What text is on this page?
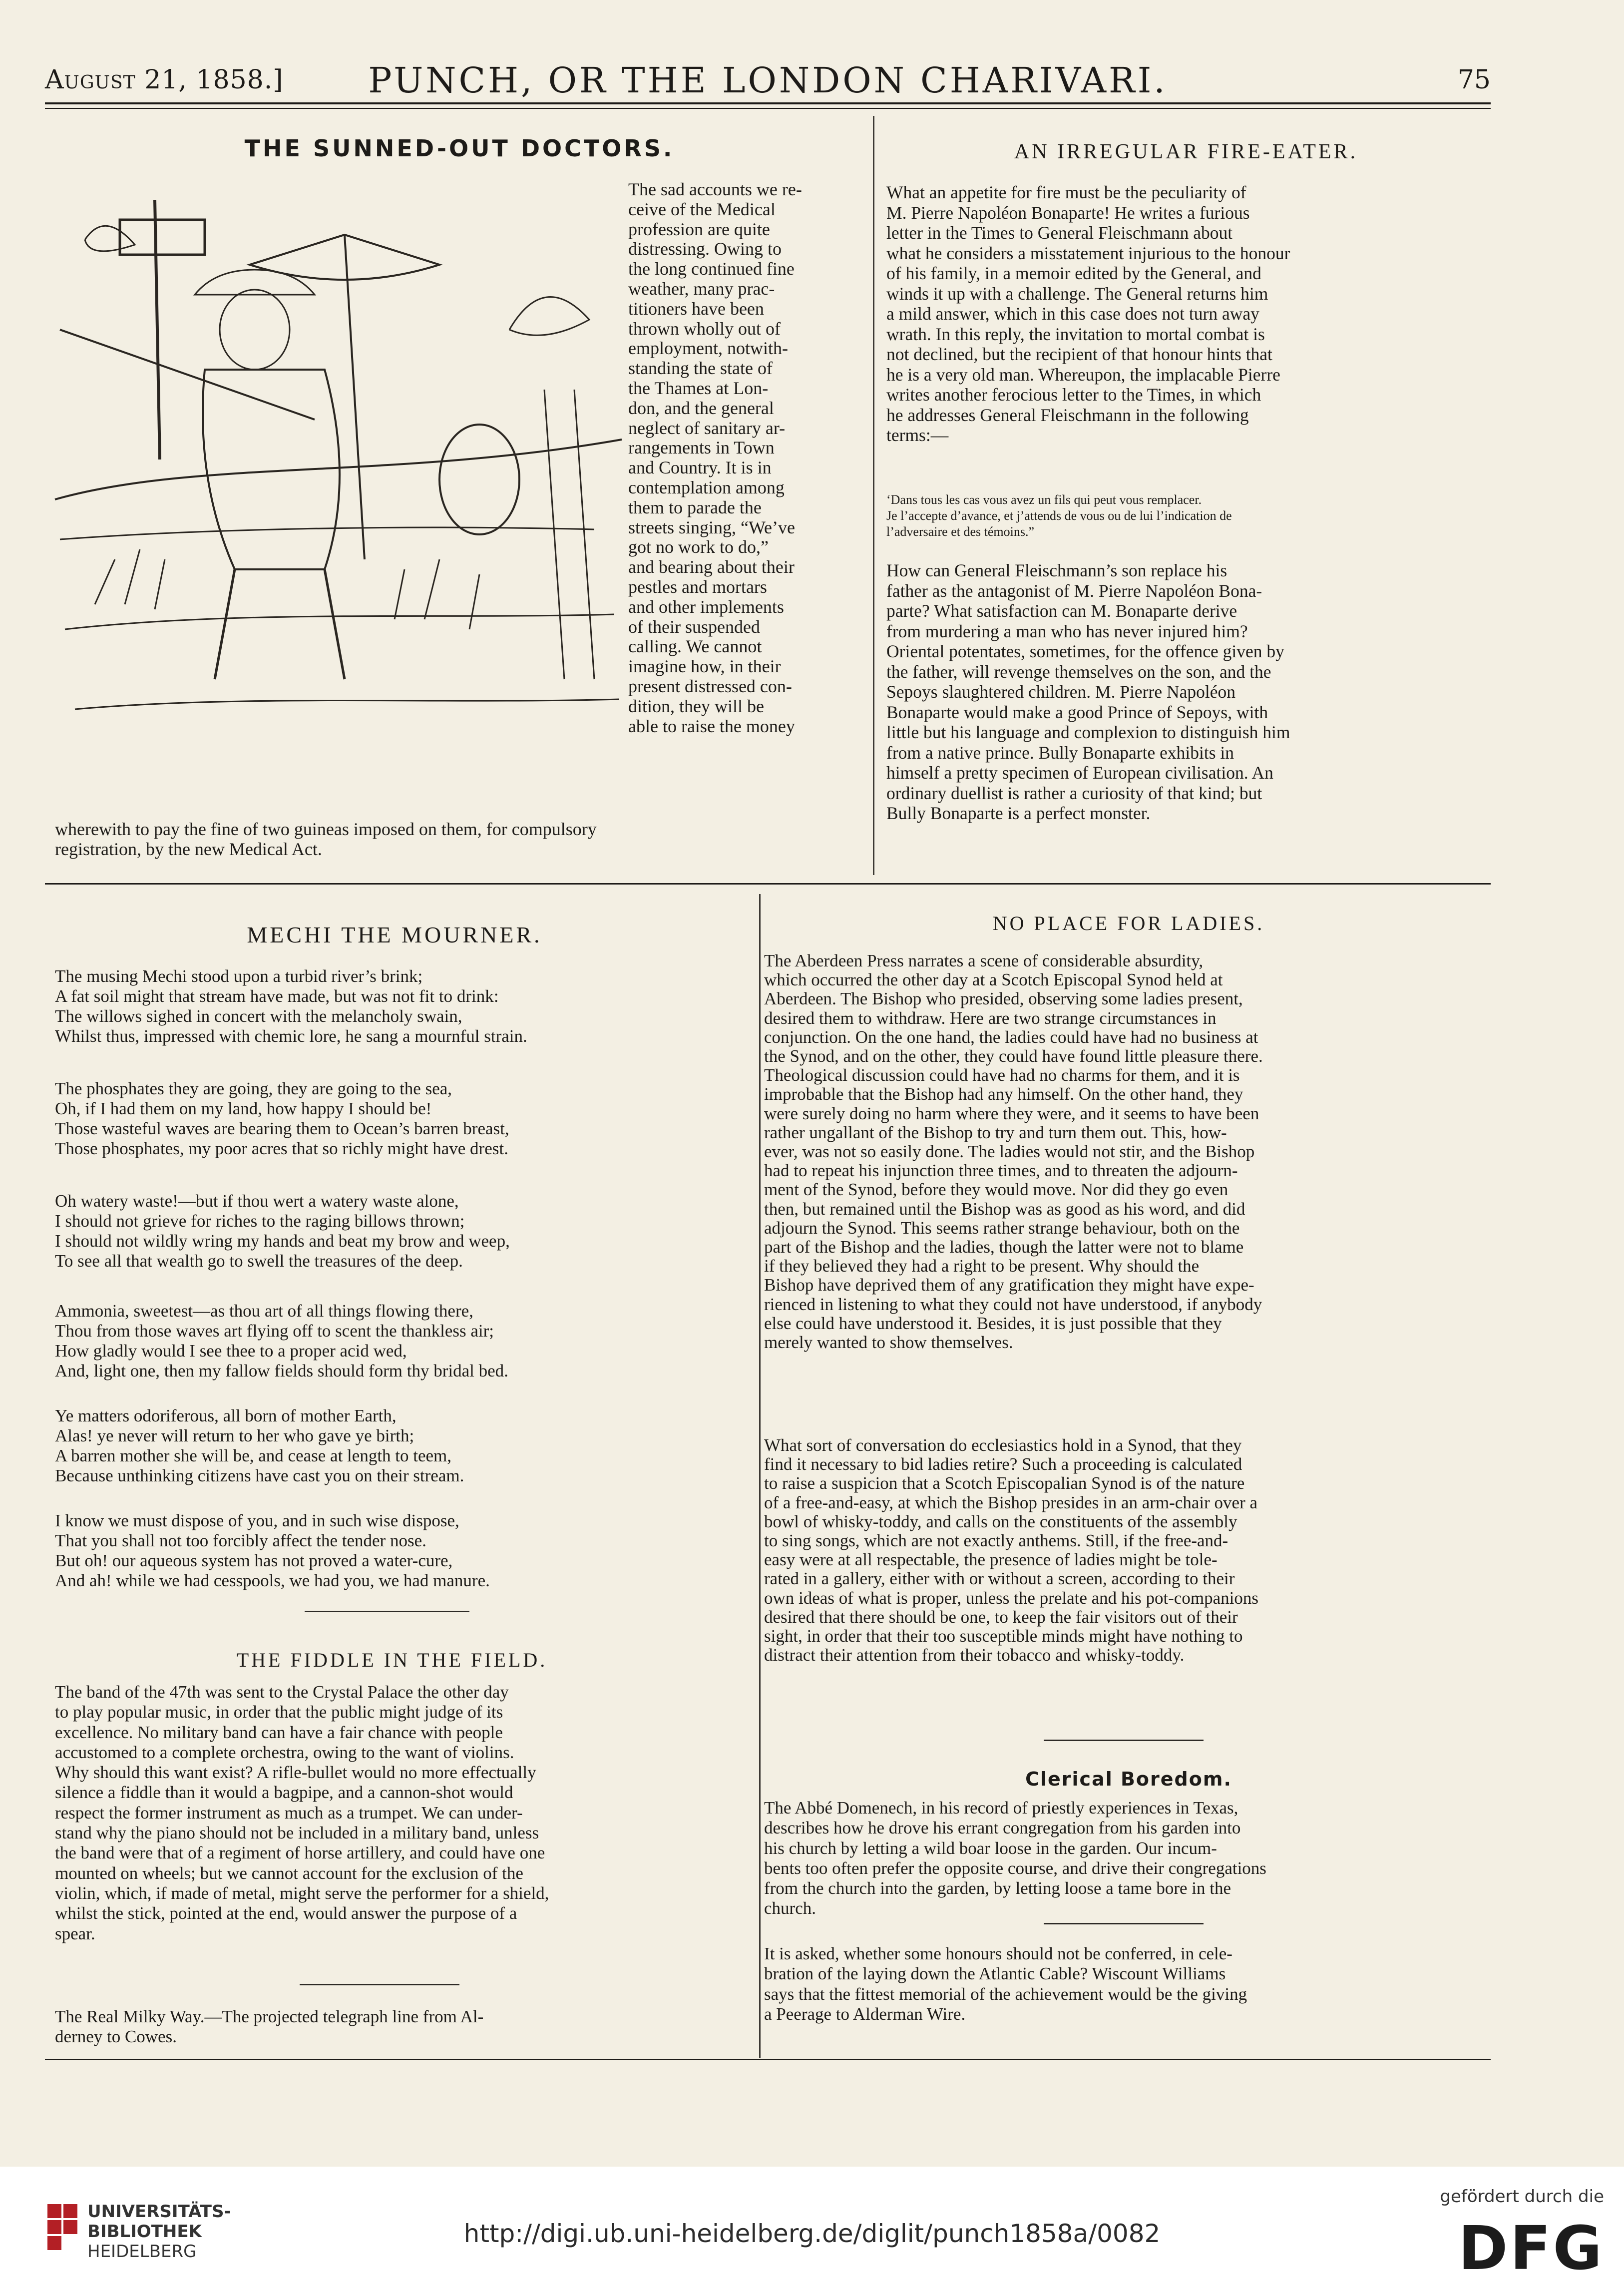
August 21, 1858.]	PUNCH, OR THE LONDON CHARIVARI.	75
THE SUNNED-OUT DOCTORS.
The sad accounts we re-
ceive of the Medical
profession are quite
distressing. Owing to
the long continued fine
weather, many prac-
titioners have been
thrown wholly out of
employment, notwith-
standing the state of
the Thames at Lon-
don, and the general
neglect of sanitary ar-
rangements in Town
and Country. It is in
contemplation among
them to parade the
streets singing, “We’ve
got no work to do,”
and bearing about their
pestles and mortars
and other implements
of their suspended
calling. We cannot
imagine how, in their
present distressed con-
dition, they will be
able to raise the money
wherewith to pay the fine of two guineas imposed on them, for compulsory
registration, by the new Medical Act.
AN IRREGULAR FIRE-EATER.
What an appetite for fire must be the peculiarity of
M. Pierre Napoléon Bonaparte! He writes a furious
letter in the Times to General Fleischmann about
what he considers a misstatement injurious to the honour
of his family, in a memoir edited by the General, and
winds it up with a challenge. The General returns him
a mild answer, which in this case does not turn away
wrath. In this reply, the invitation to mortal combat is
not declined, but the recipient of that honour hints that
he is a very old man. Whereupon, the implacable Pierre
writes another ferocious letter to the Times, in which
he addresses General Fleischmann in the following
terms:—
‘Dans tous les cas vous avez un fils qui peut vous remplacer.
Je l’accepte d’avance, et j’attends de vous ou de lui l’indication de
l’adversaire et des témoins.”
How can General Fleischmann’s son replace his
father as the antagonist of M. Pierre Napoléon Bona-
parte? What satisfaction can M. Bonaparte derive
from murdering a man who has never injured him?
Oriental potentates, sometimes, for the offence given by
the father, will revenge themselves on the son, and the
Sepoys slaughtered children. M. Pierre Napoléon
Bonaparte would make a good Prince of Sepoys, with
little but his language and complexion to distinguish him
from a native prince. Bully Bonaparte exhibits in
himself a pretty specimen of European civilisation. An
ordinary duellist is rather a curiosity of that kind; but
Bully Bonaparte is a perfect monster.
MECHI THE MOURNER.
The musing Mechi stood upon a turbid river’s brink;
A fat soil might that stream have made, but was not fit to drink:
The willows sighed in concert with the melancholy swain,
Whilst thus, impressed with chemic lore, he sang a mournful strain.
The phosphates they are going, they are going to the sea,
Oh, if I had them on my land, how happy I should be!
Those wasteful waves are bearing them to Ocean’s barren breast,
Those phosphates, my poor acres that so richly might have drest.
Oh watery waste!—but if thou wert a watery waste alone,
I should not grieve for riches to the raging billows thrown;
I should not wildly wring my hands and beat my brow and weep,
To see all that wealth go to swell the treasures of the deep.
Ammonia, sweetest—as thou art of all things flowing there,
Thou from those waves art flying off to scent the thankless air;
How gladly would I see thee to a proper acid wed,
And, light one, then my fallow fields should form thy bridal bed.
Ye matters odoriferous, all born of mother Earth,
Alas! ye never will return to her who gave ye birth;
A barren mother she will be, and cease at length to teem,
Because unthinking citizens have cast you on their stream.
I know we must dispose of you, and in such wise dispose,
That you shall not too forcibly affect the tender nose.
But oh! our aqueous system has not proved a water-cure,
And ah! while we had cesspools, we had you, we had manure.
THE FIDDLE IN THE FIELD.
The band of the 47th was sent to the Crystal Palace the other day
to play popular music, in order that the public might judge of its
excellence. No military band can have a fair chance with people
accustomed to a complete orchestra, owing to the want of violins.
Why should this want exist? A rifle-bullet would no more effectually
silence a fiddle than it would a bagpipe, and a cannon-shot would
respect the former instrument as much as a trumpet. We can under-
stand why the piano should not be included in a military band, unless
the band were that of a regiment of horse artillery, and could have one
mounted on wheels; but we cannot account for the exclusion of the
violin, which, if made of metal, might serve the performer for a shield,
whilst the stick, pointed at the end, would answer the purpose of a
spear.
The Real Milky Way.—The projected telegraph line from Al-
derney to Cowes.
NO PLACE FOR LADIES.
The Aberdeen Press narrates a scene of considerable absurdity,
which occurred the other day at a Scotch Episcopal Synod held at
Aberdeen. The Bishop who presided, observing some ladies present,
desired them to withdraw. Here are two strange circumstances in
conjunction. On the one hand, the ladies could have had no business at
the Synod, and on the other, they could have found little pleasure there.
Theological discussion could have had no charms for them, and it is
improbable that the Bishop had any himself. On the other hand, they
were surely doing no harm where they were, and it seems to have been
rather ungallant of the Bishop to try and turn them out. This, how-
ever, was not so easily done. The ladies would not stir, and the Bishop
had to repeat his injunction three times, and to threaten the adjourn-
ment of the Synod, before they would move. Nor did they go even
then, but remained until the Bishop was as good as his word, and did
adjourn the Synod. This seems rather strange behaviour, both on the
part of the Bishop and the ladies, though the latter were not to blame
if they believed they had a right to be present. Why should the
Bishop have deprived them of any gratification they might have expe-
rienced in listening to what they could not have understood, if anybody
else could have understood it. Besides, it is just possible that they
merely wanted to show themselves.
What sort of conversation do ecclesiastics hold in a Synod, that they
find it necessary to bid ladies retire? Such a proceeding is calculated
to raise a suspicion that a Scotch Episcopalian Synod is of the nature
of a free-and-easy, at which the Bishop presides in an arm-chair over a
bowl of whisky-toddy, and calls on the constituents of the assembly
to sing songs, which are not exactly anthems. Still, if the free-and-
easy were at all respectable, the presence of ladies might be tole-
rated in a gallery, either with or without a screen, according to their
own ideas of what is proper, unless the prelate and his pot-companions
desired that there should be one, to keep the fair visitors out of their
sight, in order that their too susceptible minds might have nothing to
distract their attention from their tobacco and whisky-toddy.
Clerical Boredom.
The Abbé Domenech, in his record of priestly experiences in Texas,
describes how he drove his errant congregation from his garden into
his church by letting a wild boar loose in the garden. Our incum-
bents too often prefer the opposite course, and drive their congregations
from the church into the garden, by letting loose a tame bore in the
church.
It is asked, whether some honours should not be conferred, in cele-
bration of the laying down the Atlantic Cable? Wiscount Williams
says that the fittest memorial of the achievement would be the giving
a Peerage to Alderman Wire.
UNIVERSITÄTS-
BIBLIOTHEK
HEIDELBERG
http://digi.ub.uni-heidelberg.de/diglit/punch1858a/0082
gefördert durch die
DFG
